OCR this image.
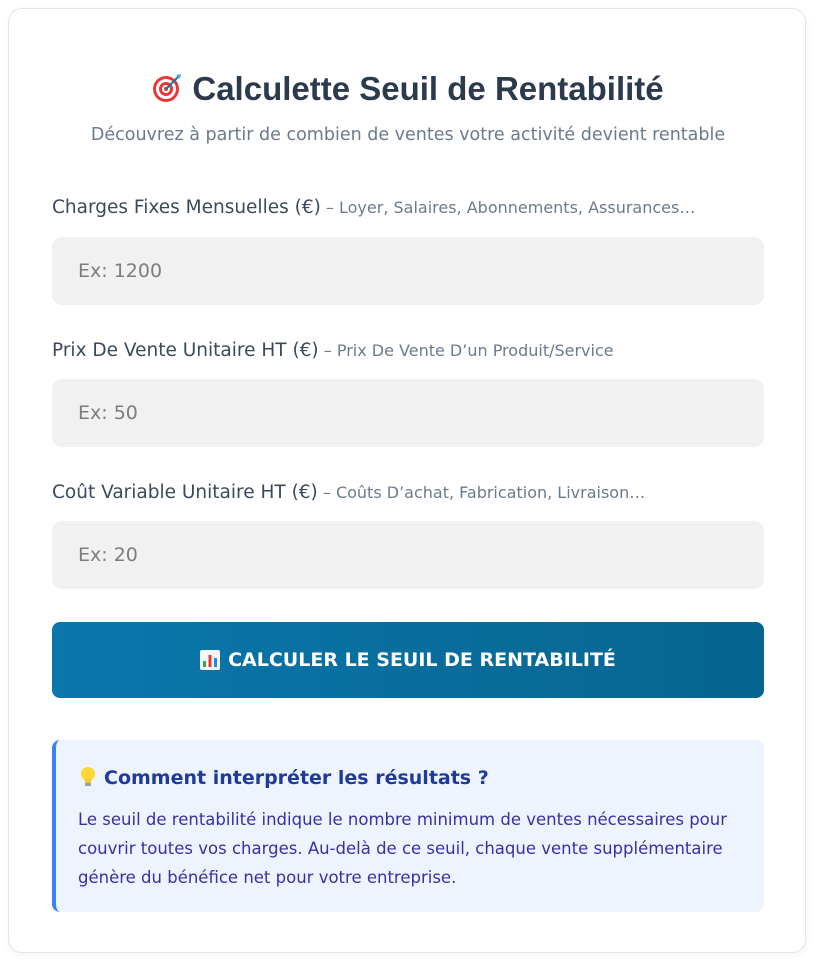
Calculette Seuil de Rentabilité
Découvrez à partir de combien de ventes votre activité devient rentable
Charges Fixes Mensuelles (€) – Loyer, Salaires, Abonnements, Assurances…
Ex: 1200
Prix De Vente Unitaire HT (€) – Prix De Vente D’un Produit/Service
Ex: 50
Coût Variable Unitaire HT (€) – Coûts D’achat, Fabrication, Livraison…
Ex: 20
CALCULER LE SEUIL DE RENTABILITÉ
Comment interpréter les résultats ?
Le seuil de rentabilité indique le nombre minimum de ventes nécessaires pour couvrir toutes vos charges. Au-delà de ce seuil, chaque vente supplémentaire génère du bénéfice net pour votre entreprise.
